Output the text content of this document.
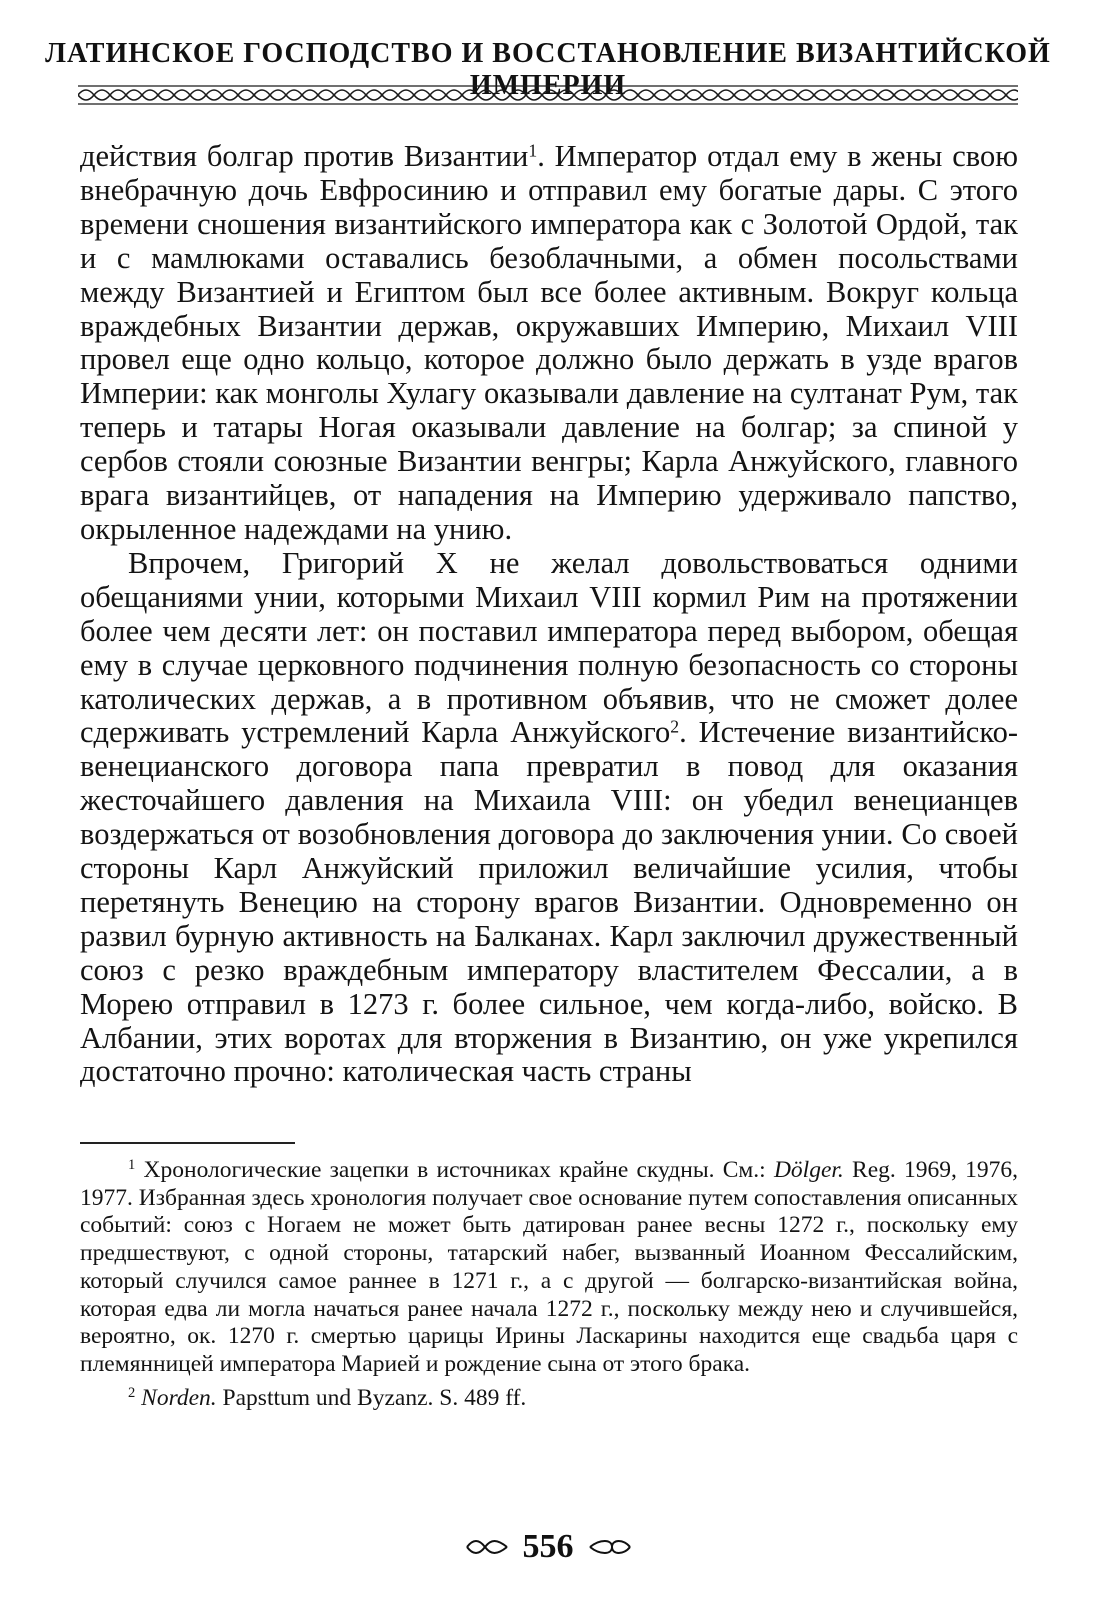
ЛАТИНСКОЕ ГОСПОДСТВО И ВОССТАНОВЛЕНИЕ ВИЗАНТИЙСКОЙ ИМПЕРИИ

действия болгар против Византии$^1$. Император отдал ему в жены свою внебрачную дочь Евфросинию и отправил ему богатые дары. С этого времени сношения византийского императора как с Золотой Ордой, так и с мамлюками оставались безоблачными, а обмен посольствами между Византией и Египтом был все более активным. Вокруг кольца враждебных Византии держав, окружавших Империю, Михаил VIII провел еще одно кольцо, которое должно было держать в узде врагов Империи: как монголы Хулагу оказывали давление на султанат Рум, так теперь и татары Ногая оказывали давление на болгар; за спиной у сербов стояли союзные Византии венгры; Карла Анжуйского, главного врага византийцев, от нападения на Империю удерживало папство, окрыленное надеждами на унию.

Впрочем, Григорий X не желал довольствоваться одними обещаниями унии, которыми Михаил VIII кормил Рим на протяжении более чем десяти лет: он поставил императора перед выбором, обещая ему в случае церковного подчинения полную безопасность со стороны католических держав, а в противном объявив, что не сможет долее сдерживать устремлений Карла Анжуйского$^2$. Истечение византийско-венецианского договора папа превратил в повод для оказания жесточайшего давления на Михаила VIII: он убедил венецианцев воздержаться от возобновления договора до заключения унии. Со своей стороны Карл Анжуйский приложил величайшие усилия, чтобы перетянуть Венецию на сторону врагов Византии. Одновременно он развил бурную активность на Балканах. Карл заключил дружественный союз с резко враждебным императору властителем Фессалии, а в Морею отправил в 1273 г. более сильное, чем когда-либо, войско. В Албании, этих воротах для вторжения в Византию, он уже укрепился достаточно прочно: католическая часть страны

$^1$ Хронологические зацепки в источниках крайне скудны. См.: Dölger. Reg. 1969, 1976, 1977. Избранная здесь хронология получает свое основание путем сопоставления описанных событий: союз с Ногаем не может быть датирован ранее весны 1272 г., поскольку ему предшествуют, с одной стороны, татарский набег, вызванный Иоанном Фессалийским, который случился самое раннее в 1271 г., а с другой — болгарско-византийская война, которая едва ли могла начаться ранее начала 1272 г., поскольку между нею и случившейся, вероятно, ок. 1270 г. смертью царицы Ирины Ласкарины находится еще свадьба царя с племянницей императора Марией и рождение сына от этого брака.

$^2$ Norden. Papsttum und Byzanz. S. 489 ff.

556
